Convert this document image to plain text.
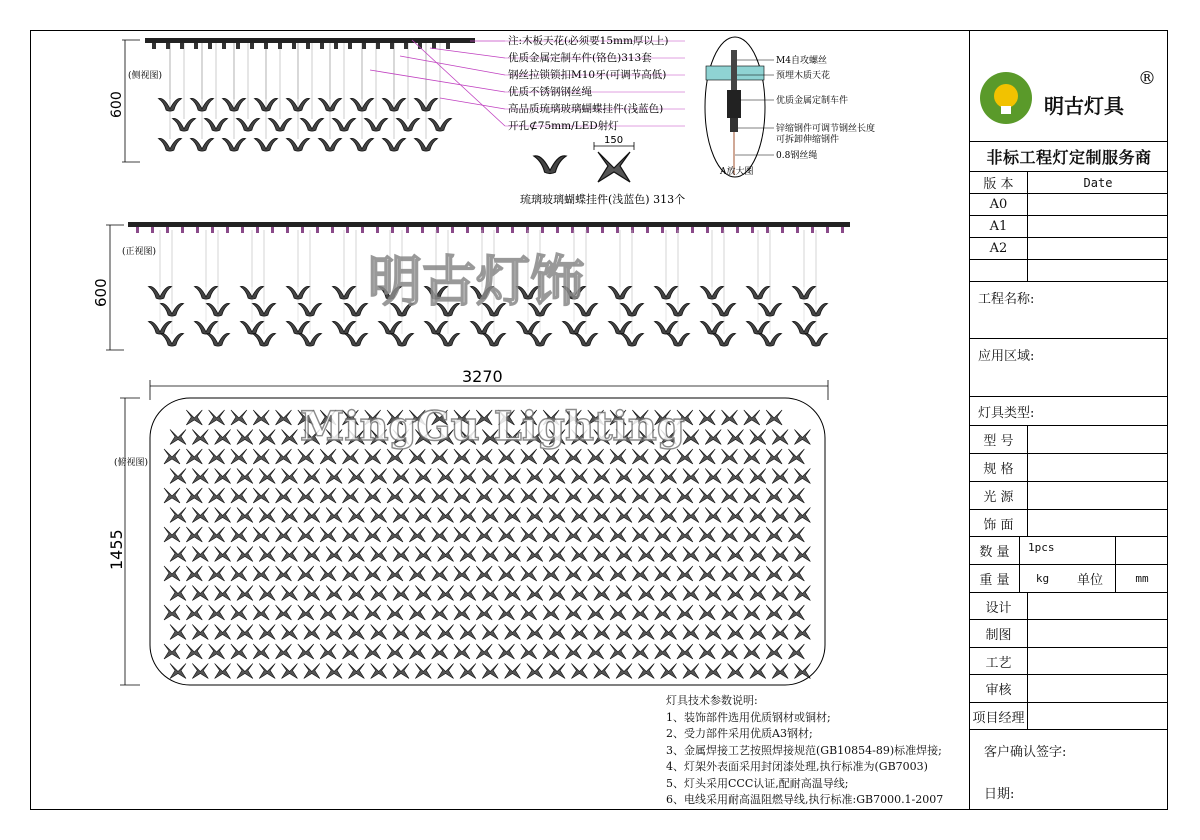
(侧视图)
600
注:木板天花(必须要15mm厚以上)
优质金属定制车件(铬色)313套
钢丝拉锁锁扣M10牙(可调节高低)
优质不锈钢钢丝绳
高品质琉璃玻璃蝴蝶挂件(浅蓝色)
开孔⊄75mm/LED射灯
150
琉璃玻璃蝴蝶挂件(浅蓝色) 313个
A放大图
M4自攻螺丝
预埋木质天花
优质金属定制车件
锌缩钢件可调节钢丝长度
可拆卸伸缩钢件
0.8钢丝绳
(正视图)
600
3270
1455
(俯视图)
明古灯饰
MingGu Lighting
灯具技术参数说明:
1、装饰部件选用优质钢材或铜材;
2、受力部件采用优质A3钢材;
3、金属焊接工艺按照焊接规范(GB10854-89)标准焊接;
4、灯架外表面采用封闭漆处理,执行标准为(GB7003)
5、灯头采用CCC认证,配耐高温导线;
6、电线采用耐高温阻燃导线,执行标准:GB7000.1-2007
明古灯具
®
非标工程灯定制服务商
版 本	Date
A0
A1
A2
工程名称:
应用区域:
灯具类型:
型 号
规 格
光 源
饰 面
数 量	1pcs
重 量	kg	单位	mm
设计
制图
工艺
审核
项目经理
客户确认签字:
日期:
